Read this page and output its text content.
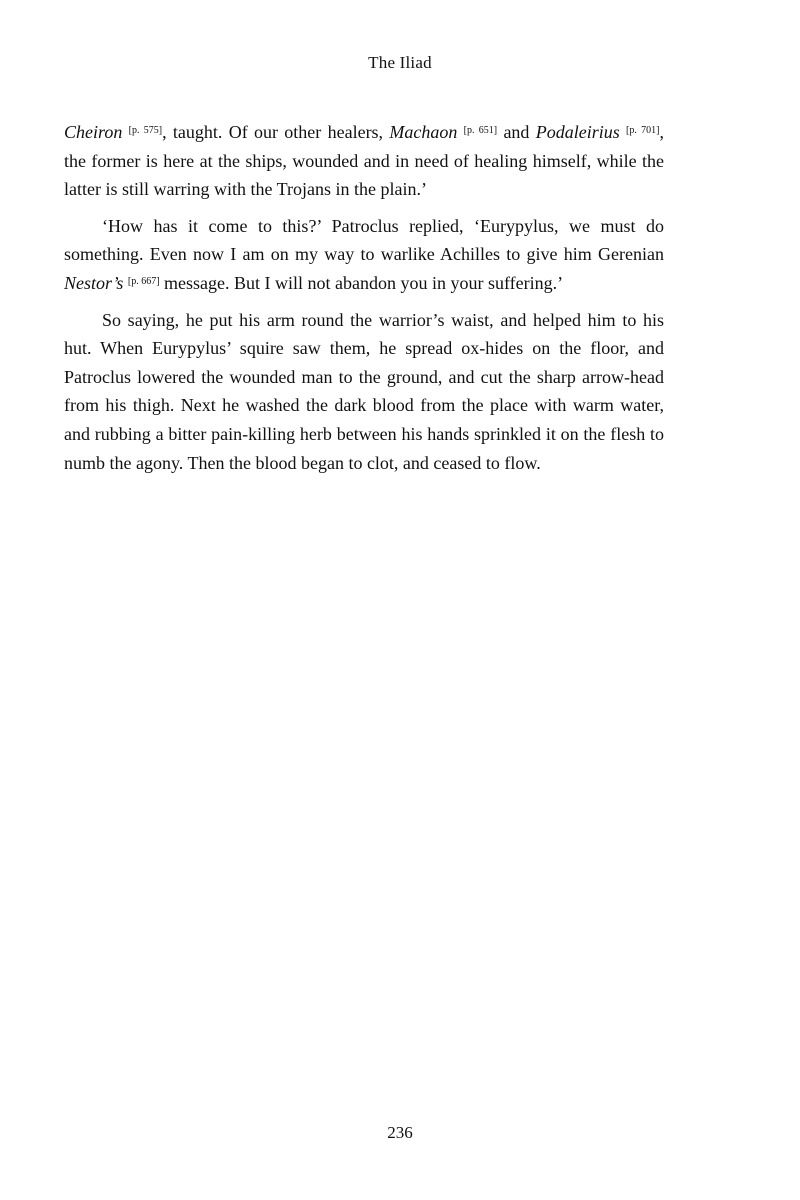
The Iliad

Cheiron [p. 575], taught. Of our other healers, Machaon [p. 651] and Podaleirius [p. 701], the former is here at the ships, wounded and in need of healing himself, while the latter is still warring with the Trojans in the plain.’

‘How has it come to this?’ Patroclus replied, ‘Eurypylus, we must do something. Even now I am on my way to warlike Achilles to give him Gerenian Nestor’s [p. 667] message. But I will not abandon you in your suffering.’

So saying, he put his arm round the warrior’s waist, and helped him to his hut. When Eurypylus’ squire saw them, he spread ox-hides on the floor, and Patroclus lowered the wounded man to the ground, and cut the sharp arrow-head from his thigh. Next he washed the dark blood from the place with warm water, and rubbing a bitter pain-killing herb between his hands sprinkled it on the flesh to numb the agony. Then the blood began to clot, and ceased to flow.

236
